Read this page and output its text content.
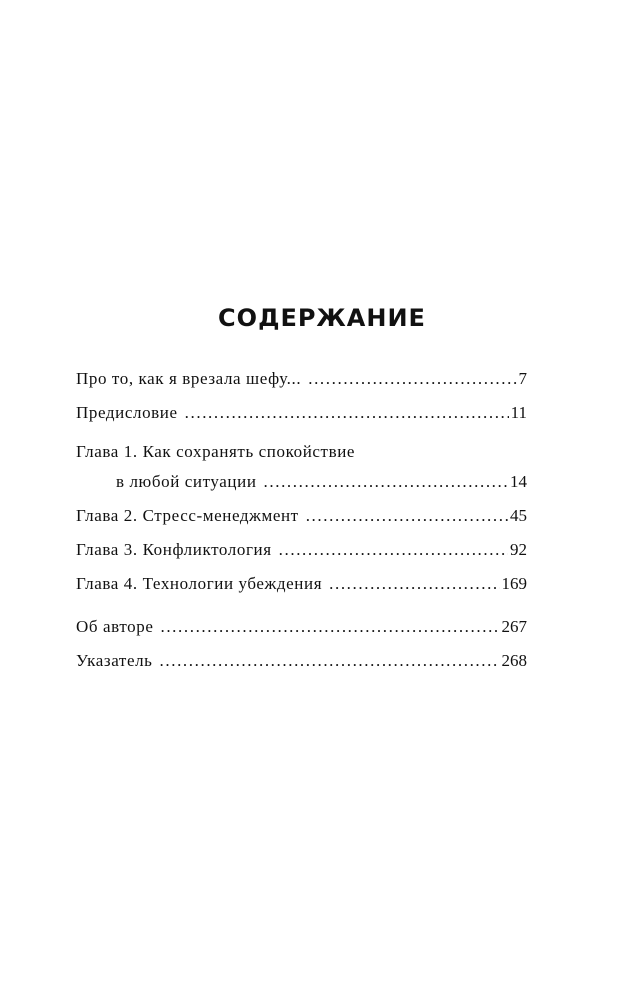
СОДЕРЖАНИЕ
Про то, как я врезала шефу... .....	7
Предисловие .....	11
Глава 1. Как сохранять спокойствие
в любой ситуации .....	14
Глава 2. Стресс-менеджмент .....	45
Глава 3. Конфликтология .....	92
Глава 4. Технологии убеждения .....	169
Об авторе .....	267
Указатель .....	268
